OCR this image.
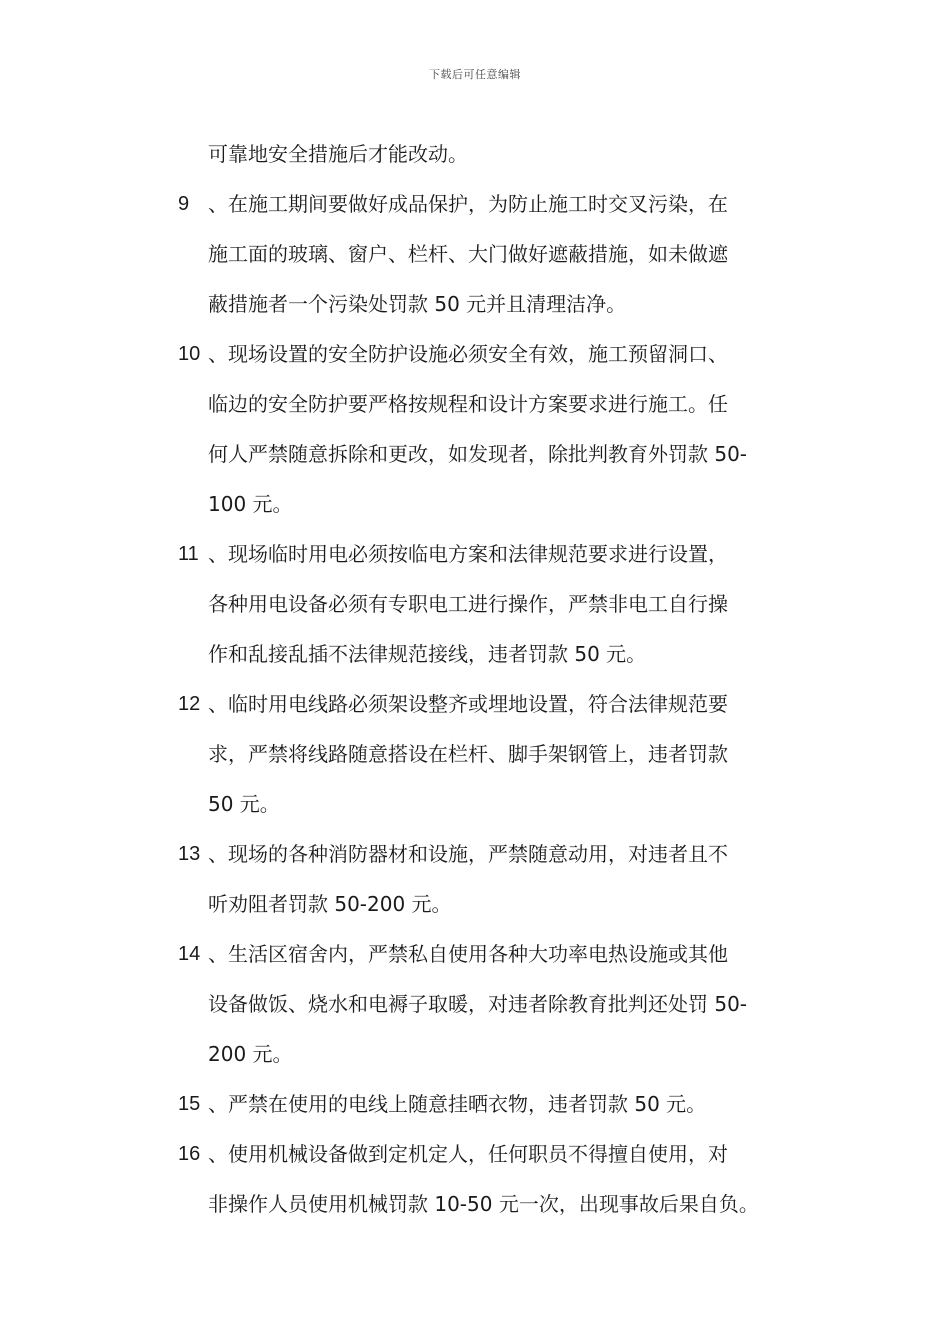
下载后可任意编辑
可靠地安全措施后才能改动。
9 、在施工期间要做好成品保护，为防止施工时交叉污染，在
施工面的玻璃、窗户、栏杆、大门做好遮蔽措施，如未做遮
蔽措施者一个污染处罚款 50 元并且清理洁净。
10 、现场设置的安全防护设施必须安全有效，施工预留洞口、
临边的安全防护要严格按规程和设计方案要求进行施工。任
何人严禁随意拆除和更改，如发现者，除批判教育外罚款 50-
100 元。
11 、现场临时用电必须按临电方案和法律规范要求进行设置，
各种用电设备必须有专职电工进行操作，严禁非电工自行操
作和乱接乱插不法律规范接线，违者罚款 50 元。
12 、临时用电线路必须架设整齐或埋地设置，符合法律规范要
求，严禁将线路随意搭设在栏杆、脚手架钢管上，违者罚款
50 元。
13 、现场的各种消防器材和设施，严禁随意动用，对违者且不
听劝阻者罚款 50-200 元。
14 、生活区宿舍内，严禁私自使用各种大功率电热设施或其他
设备做饭、烧水和电褥子取暖，对违者除教育批判还处罚 50-
200 元。
15 、严禁在使用的电线上随意挂晒衣物，违者罚款 50 元。
16 、使用机械设备做到定机定人，任何职员不得擅自使用，对
非操作人员使用机械罚款 10-50 元一次，出现事故后果自负。
